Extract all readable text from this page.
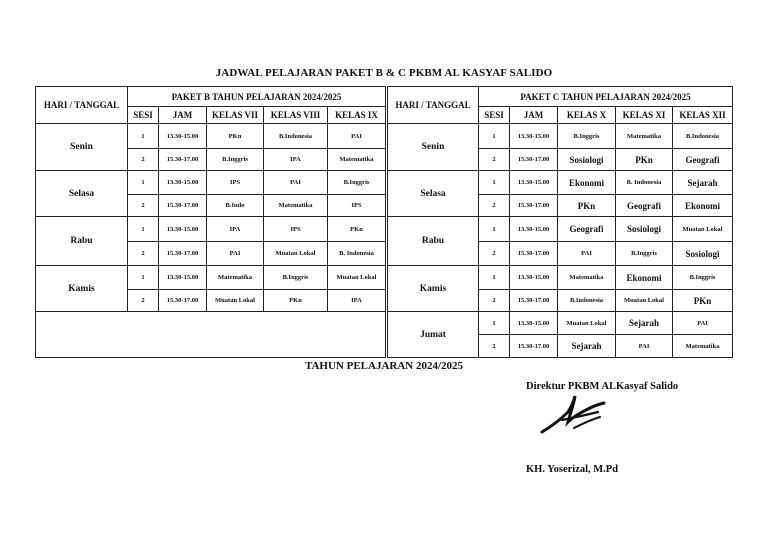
JADWAL PELAJARAN PAKET B & C PKBM AL KASYAF SALIDO
HARI / TANGGAL	PAKET B TAHUN PELAJARAN 2024/2025				
	SESI	JAM	KELAS VII	KELAS VIII	KELAS IX
Senin	1	13.30-15.00	PKn	B.Indonesia	PAI
	2	15.30-17.00	B.Inggris	IPA	Matematika
Selasa	1	13.30-15.00	IPS	PAI	B.Inggris
	2	15.30-17.00	B.Indo	Matematika	IPS
Rabu	1	13.30-15.00	IPA	IPS	PKn
	2	15.30-17.00	PAI	Muatan Lokal	B. Indonesia
Kamis	1	13.30-15.00	Matematika	B.Inggris	Muatan Lokal
	2	15.30-17.00	Muatan Lokal	PKn	IPA

HARI / TANGGAL	PAKET C TAHUN PELAJARAN 2024/2025				
	SESI	JAM	KELAS X	KELAS XI	KELAS XII
Senin	1	13.30-15.00	B.Inggris	Matematika	B.Indonesia
	2	15.30-17.00	Sosiologi	PKn	Geografi
Selasa	1	13.30-15.00	Ekonomi	B. Indonesia	Sejarah
	2	15.30-17.00	PKn	Geografi	Ekonomi
Rabu	1	13.30-15.00	Geografi	Sosiologi	Muatan Lokal
	2	15.30-17.00	PAI	B.Inggris	Sosiologi
Kamis	1	13.30-15.00	Matematika	Ekonomi	B.Inggris
	2	15.30-17.00	B.Indonesia	Muatan Lokal	PKn
Jumat	1	13.30-15.00	Muatan Lokal	Sejarah	PAI
	2	15.30-17.00	Sejarah	PAI	Matematika
TAHUN PELAJARAN 2024/2025
Direktur PKBM ALKasyaf Salido
KH. Yoserizal, M.Pd
